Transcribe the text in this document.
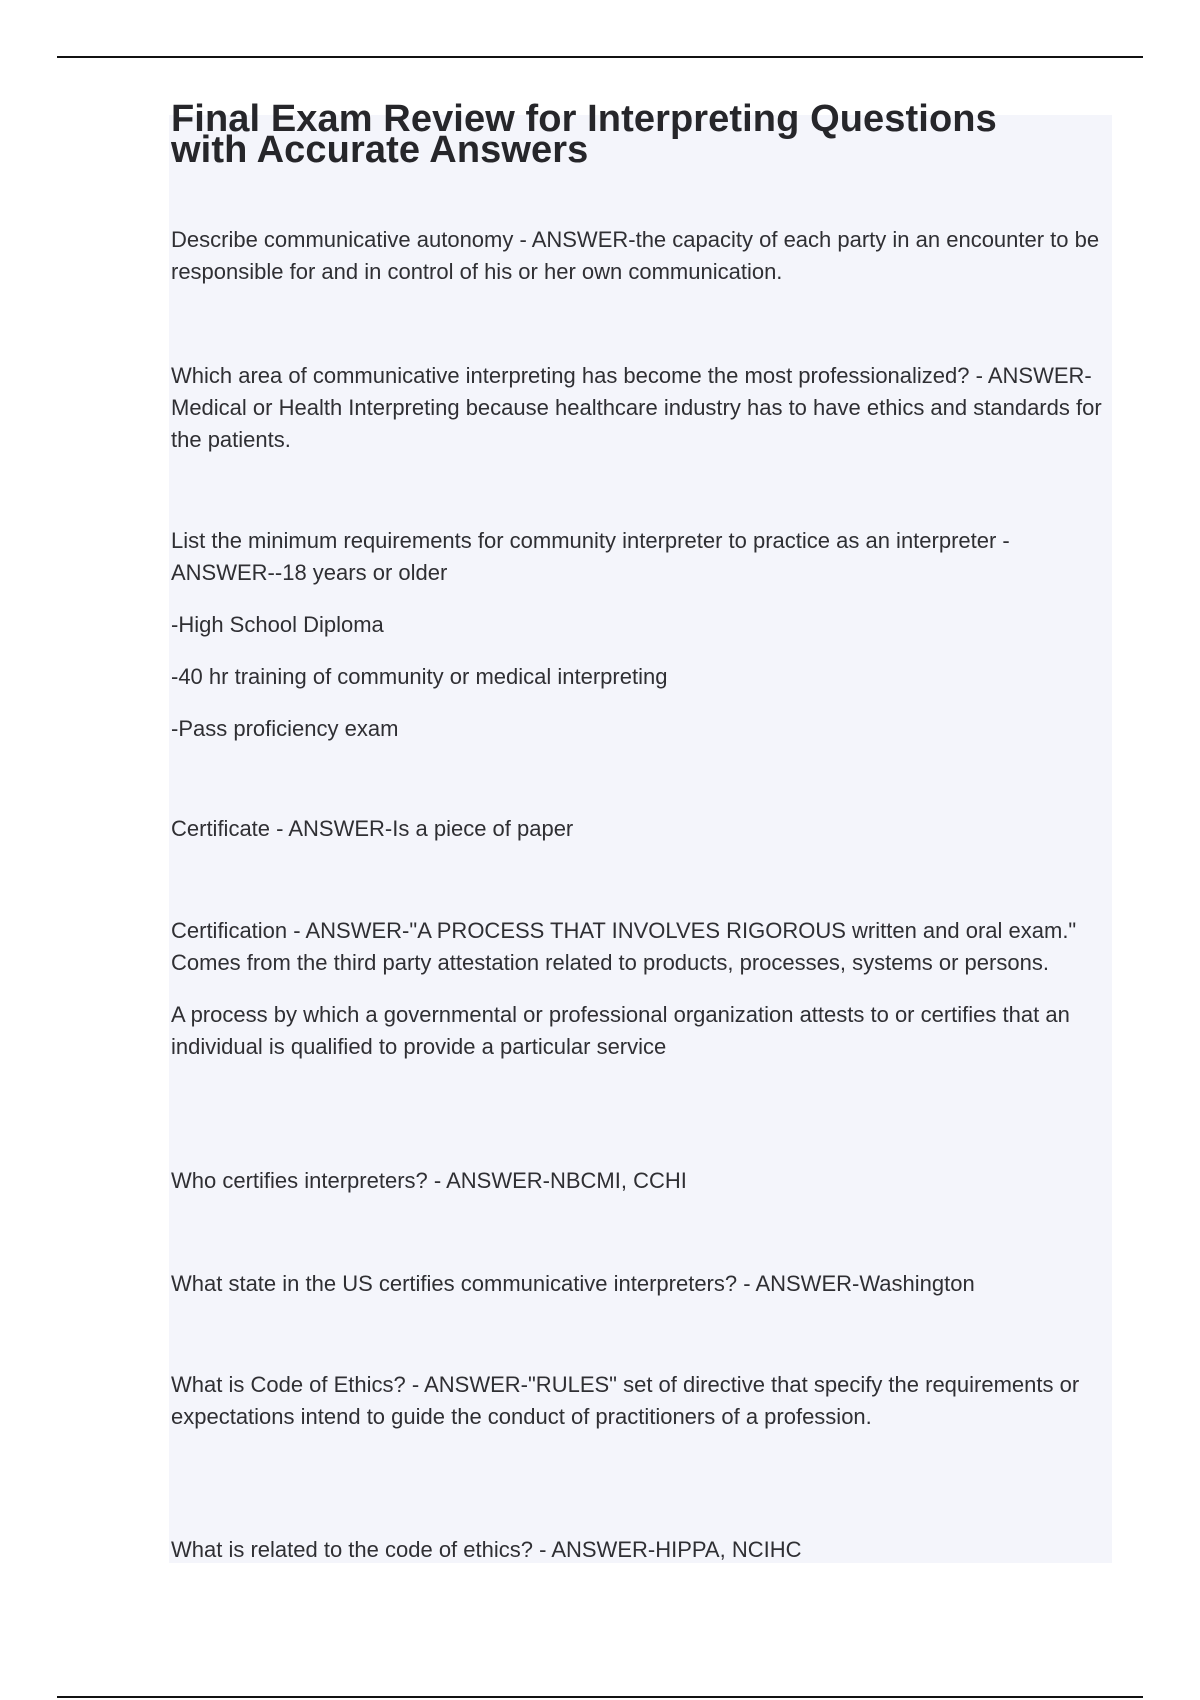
Final Exam Review for Interpreting Questions
with Accurate Answers

Describe communicative autonomy - ANSWER-the capacity of each party in an encounter to be responsible for and in control of his or her own communication.

Which area of communicative interpreting has become the most professionalized? - ANSWER-Medical or Health Interpreting because healthcare industry has to have ethics and standards for the patients.

List the minimum requirements for community interpreter to practice as an interpreter - ANSWER--18 years or older

-High School Diploma

-40 hr training of community or medical interpreting

-Pass proficiency exam

Certificate - ANSWER-Is a piece of paper

Certification - ANSWER-"A PROCESS THAT INVOLVES RIGOROUS written and oral exam." Comes from the third party attestation related to products, processes, systems or persons.

A process by which a governmental or professional organization attests to or certifies that an individual is qualified to provide a particular service

Who certifies interpreters? - ANSWER-NBCMI, CCHI

What state in the US certifies communicative interpreters? - ANSWER-Washington

What is Code of Ethics? - ANSWER-"RULES" set of directive that specify the requirements or expectations intend to guide the conduct of practitioners of a profession.

What is related to the code of ethics? - ANSWER-HIPPA, NCIHC
